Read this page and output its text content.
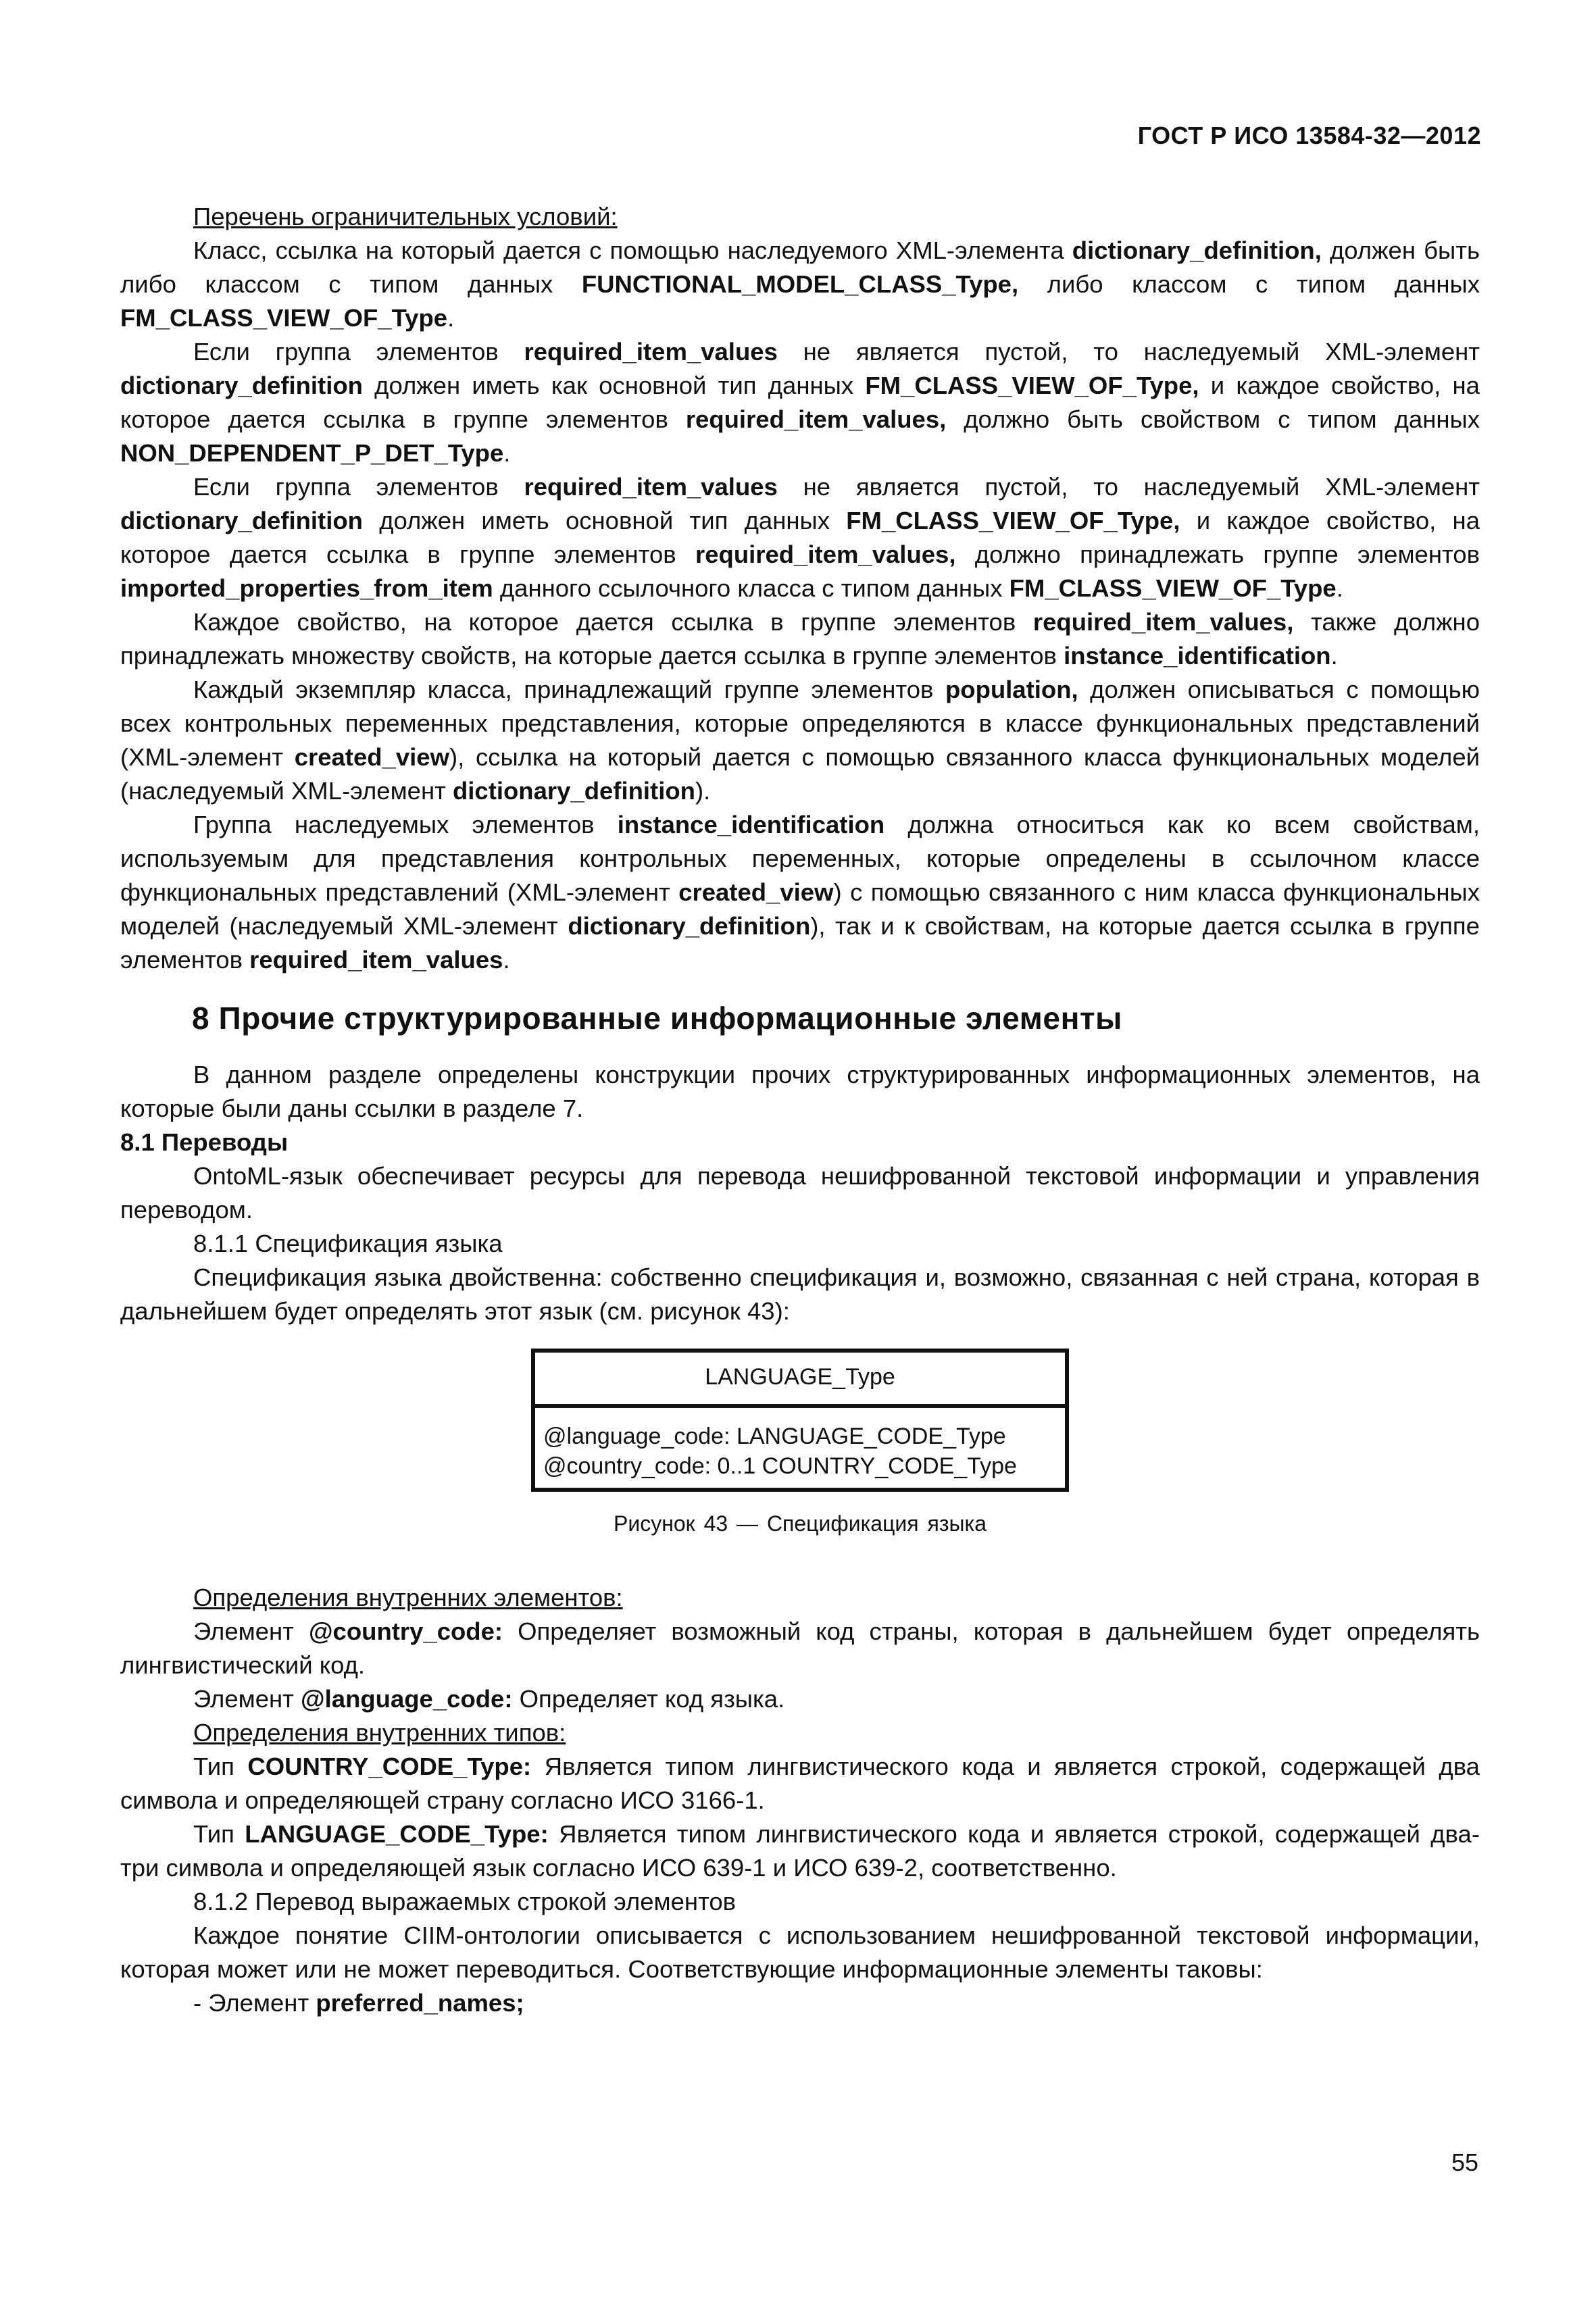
ГОСТ Р ИСО 13584-32—2012

Перечень ограничительных условий:

Класс, ссылка на который дается с помощью наследуемого XML-элемента dictionary_definition, должен быть либо классом с типом данных FUNCTIONAL_MODEL_CLASS_Type, либо классом с типом данных FM_CLASS_VIEW_OF_Type.

Если группа элементов required_item_values не является пустой, то наследуемый XML-элемент dictionary_definition должен иметь как основной тип данных FM_CLASS_VIEW_OF_Type, и каждое свойство, на которое дается ссылка в группе элементов required_item_values, должно быть свойством с типом данных NON_DEPENDENT_P_DET_Type.

Если группа элементов required_item_values не является пустой, то наследуемый XML-элемент dictionary_definition должен иметь основной тип данных FM_CLASS_VIEW_OF_Type, и каждое свойство, на которое дается ссылка в группе элементов required_item_values, должно принадлежать группе элементов imported_properties_from_item данного ссылочного класса с типом данных FM_CLASS_VIEW_OF_Type.

Каждое свойство, на которое дается ссылка в группе элементов required_item_values, также должно принадлежать множеству свойств, на которые дается ссылка в группе элементов instance_identification.

Каждый экземпляр класса, принадлежащий группе элементов population, должен описываться с помощью всех контрольных переменных представления, которые определяются в классе функциональных представлений (XML-элемент created_view), ссылка на который дается с помощью связанного класса функциональных моделей (наследуемый XML-элемент dictionary_definition).

Группа наследуемых элементов instance_identification должна относиться как ко всем свойствам, используемым для представления контрольных переменных, которые определены в ссылочном классе функциональных представлений (XML-элемент created_view) с помощью связанного с ним класса функциональных моделей (наследуемый XML-элемент dictionary_definition), так и к свойствам, на которые дается ссылка в группе элементов required_item_values.

8 Прочие структурированные информационные элементы

В данном разделе определены конструкции прочих структурированных информационных элементов, на которые были даны ссылки в разделе 7.

8.1 Переводы

OntoML-язык обеспечивает ресурсы для перевода нешифрованной текстовой информации и управления переводом.

8.1.1 Спецификация языка

Спецификация языка двойственна: собственно спецификация и, возможно, связанная с ней страна, которая в дальнейшем будет определять этот язык (см. рисунок 43):

LANGUAGE_Type
@language_code: LANGUAGE_CODE_Type
@country_code: 0..1 COUNTRY_CODE_Type
Рисунок 43 — Спецификация языка

Определения внутренних элементов:

Элемент @country_code: Определяет возможный код страны, которая в дальнейшем будет определять лингвистический код.

Элемент @language_code: Определяет код языка.

Определения внутренних типов:

Тип COUNTRY_CODE_Type: Является типом лингвистического кода и является строкой, содержащей два символа и определяющей страну согласно ИСО 3166-1.

Тип LANGUAGE_CODE_Type: Является типом лингвистического кода и является строкой, содержащей два-три символа и определяющей язык согласно ИСО 639-1 и ИСО 639-2, соответственно.

8.1.2 Перевод выражаемых строкой элементов

Каждое понятие CIIM-онтологии описывается с использованием нешифрованной текстовой информации, которая может или не может переводиться. Соответствующие информационные элементы таковы:

- Элемент preferred_names;

55
